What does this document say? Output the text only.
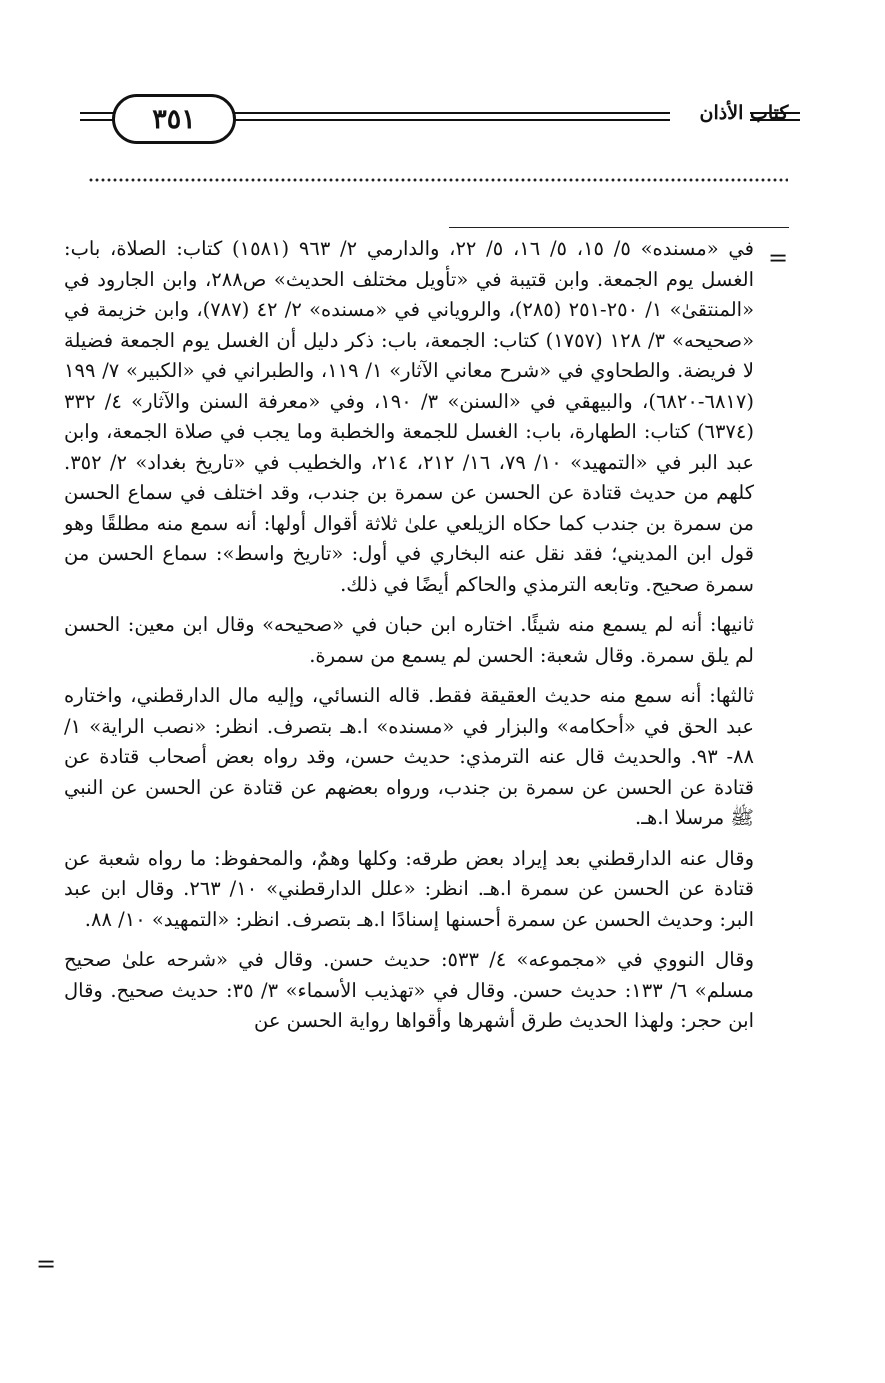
٣٥١	كتاب الأذان
=

في «مسنده» ٥/ ١٥، ٥/ ١٦، ٥/ ٢٢، والدارمي ٢/ ٩٦٣ (١٥٨١) كتاب: الصلاة، باب: الغسل يوم الجمعة. وابن قتيبة في «تأويل مختلف الحديث» ص٢٨٨، وابن الجارود في «المنتقىٰ» ١/ ٢٥٠-٢٥١ (٢٨٥)، والروياني في «مسنده» ٢/ ٤٢ (٧٨٧)، وابن خزيمة في «صحيحه» ٣/ ١٢٨ (١٧٥٧) كتاب: الجمعة، باب: ذكر دليل أن الغسل يوم الجمعة فضيلة لا فريضة. والطحاوي في «شرح معاني الآثار» ١/ ١١٩، والطبراني في «الكبير» ٧/ ١٩٩ (٦٨١٧-٦٨٢٠)، والبيهقي في «السنن» ٣/ ١٩٠، وفي «معرفة السنن والآثار» ٤/ ٣٣٢ (٦٣٧٤) كتاب: الطهارة، باب: الغسل للجمعة والخطبة وما يجب في صلاة الجمعة، وابن عبد البر في «التمهيد» ١٠/ ٧٩، ١٦/ ٢١٢، ٢١٤، والخطيب في «تاريخ بغداد» ٢/ ٣٥٢. كلهم من حديث قتادة عن الحسن عن سمرة بن جندب، وقد اختلف في سماع الحسن من سمرة بن جندب كما حكاه الزيلعي علىٰ ثلاثة أقوال أولها: أنه سمع منه مطلقًا وهو قول ابن المديني؛ فقد نقل عنه البخاري في أول: «تاريخ واسط»: سماع الحسن من سمرة صحيح. وتابعه الترمذي والحاكم أيضًا في ذلك.

ثانيها: أنه لم يسمع منه شيئًا. اختاره ابن حبان في «صحيحه» وقال ابن معين: الحسن لم يلق سمرة. وقال شعبة: الحسن لم يسمع من سمرة.

ثالثها: أنه سمع منه حديث العقيقة فقط. قاله النسائي، وإليه مال الدارقطني، واختاره عبد الحق في «أحكامه» والبزار في «مسنده» ا.هـ بتصرف. انظر: «نصب الراية» ١/ ٨٨- ٩٣. والحديث قال عنه الترمذي: حديث حسن، وقد رواه بعض أصحاب قتادة عن قتادة عن الحسن عن سمرة بن جندب، ورواه بعضهم عن قتادة عن الحسن عن النبي ﷺ مرسلا ا.هـ.

وقال عنه الدارقطني بعد إيراد بعض طرقه: وكلها وهمٌ، والمحفوظ: ما رواه شعبة عن قتادة عن الحسن عن سمرة ا.هـ. انظر: «علل الدارقطني» ١٠/ ٢٦٣. وقال ابن عبد البر: وحديث الحسن عن سمرة أحسنها إسنادًا ا.هـ بتصرف. انظر: «التمهيد» ١٠/ ٨٨.

وقال النووي في «مجموعه» ٤/ ٥٣٣: حديث حسن. وقال في «شرحه علىٰ صحيح مسلم» ٦/ ١٣٣: حديث حسن. وقال في «تهذيب الأسماء» ٣/ ٣٥: حديث صحيح. وقال ابن حجر: ولهذا الحديث طرق أشهرها وأقواها رواية الحسن عن

=
